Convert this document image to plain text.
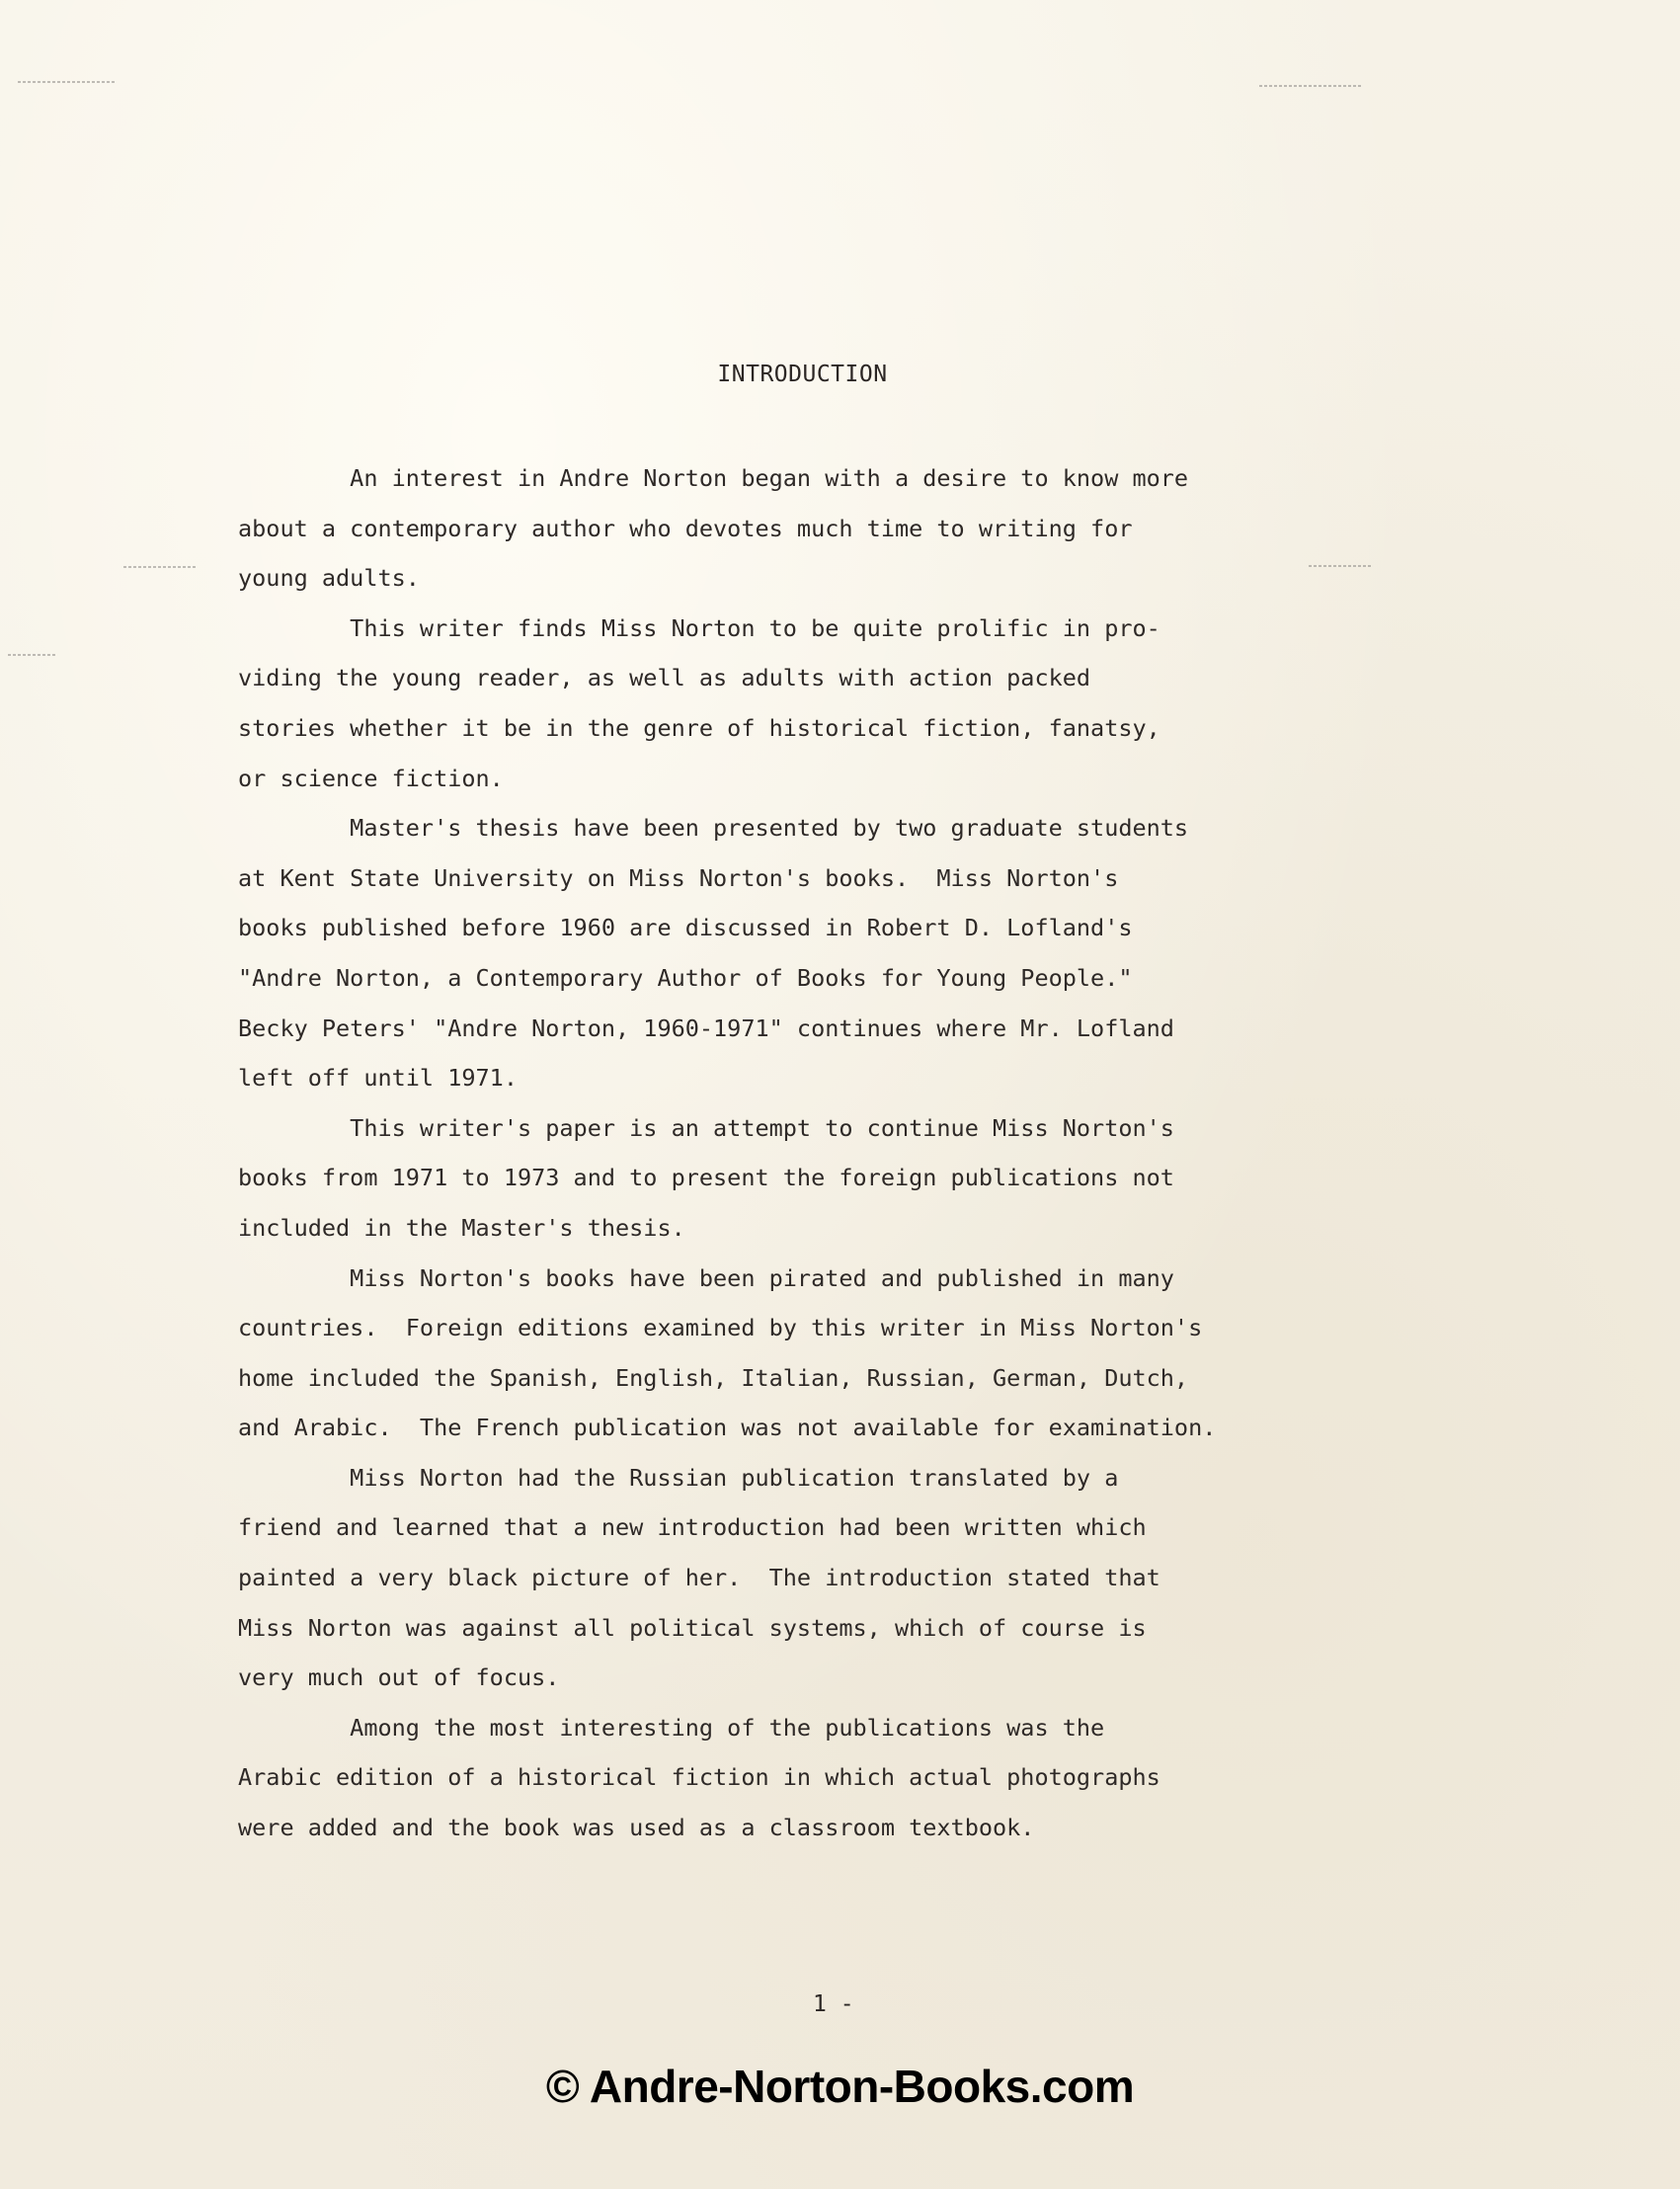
INTRODUCTION

An interest in Andre Norton began with a desire to know more
about a contemporary author who devotes much time to writing for
young adults.

This writer finds Miss Norton to be quite prolific in pro-
viding the young reader, as well as adults with action packed
stories whether it be in the genre of historical fiction, fanatsy,
or science fiction.

Master's thesis have been presented by two graduate students
at Kent State University on Miss Norton's books.  Miss Norton's
books published before 1960 are discussed in Robert D. Lofland's
"Andre Norton, a Contemporary Author of Books for Young People."
Becky Peters' "Andre Norton, 1960-1971" continues where Mr. Lofland
left off until 1971.

This writer's paper is an attempt to continue Miss Norton's
books from 1971 to 1973 and to present the foreign publications not
included in the Master's thesis.

Miss Norton's books have been pirated and published in many
countries.  Foreign editions examined by this writer in Miss Norton's
home included the Spanish, English, Italian, Russian, German, Dutch,
and Arabic.  The French publication was not available for examination.

Miss Norton had the Russian publication translated by a
friend and learned that a new introduction had been written which
painted a very black picture of her.  The introduction stated that
Miss Norton was against all political systems, which of course is
very much out of focus.

Among the most interesting of the publications was the
Arabic edition of a historical fiction in which actual photographs
were added and the book was used as a classroom textbook.

1 -
© Andre-Norton-Books.com
